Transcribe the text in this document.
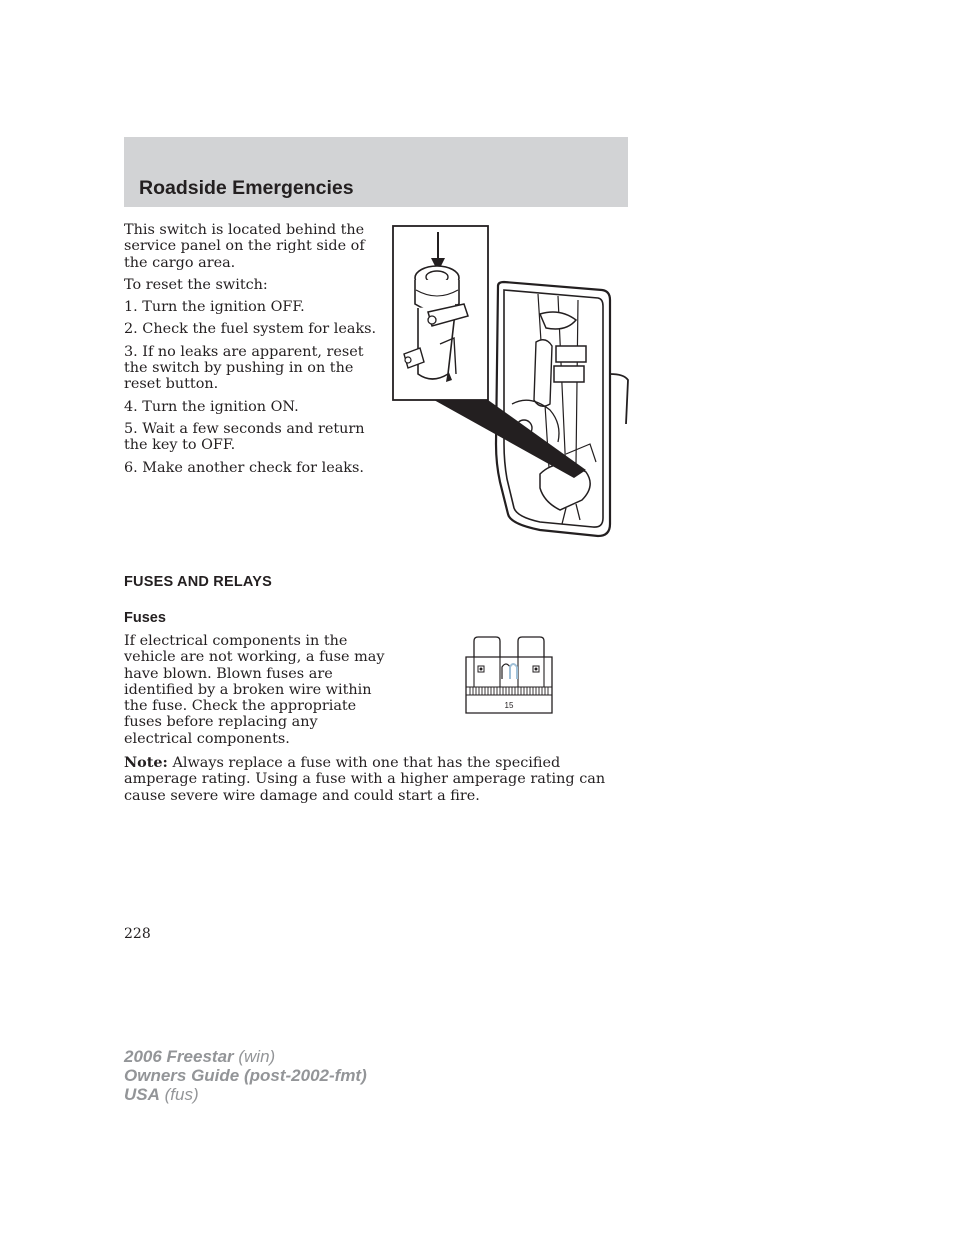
Roadside Emergencies

This switch is located behind the service panel on the right side of the cargo area.

To reset the switch:

1. Turn the ignition OFF.
2. Check the fuel system for leaks.
3. If no leaks are apparent, reset the switch by pushing in on the reset button.
4. Turn the ignition ON.
5. Wait a few seconds and return the key to OFF.
6. Make another check for leaks.
FUSES AND RELAYS
Fuses

If electrical components in the vehicle are not working, a fuse may have blown. Blown fuses are identified by a broken wire within the fuse. Check the appropriate fuses before replacing any electrical components.

15

Note: Always replace a fuse with one that has the specified amperage rating. Using a fuse with a higher amperage rating can cause severe wire damage and could start a fire.

228
2006 Freestar (win)
Owners Guide (post-2002-fmt)
USA (fus)
